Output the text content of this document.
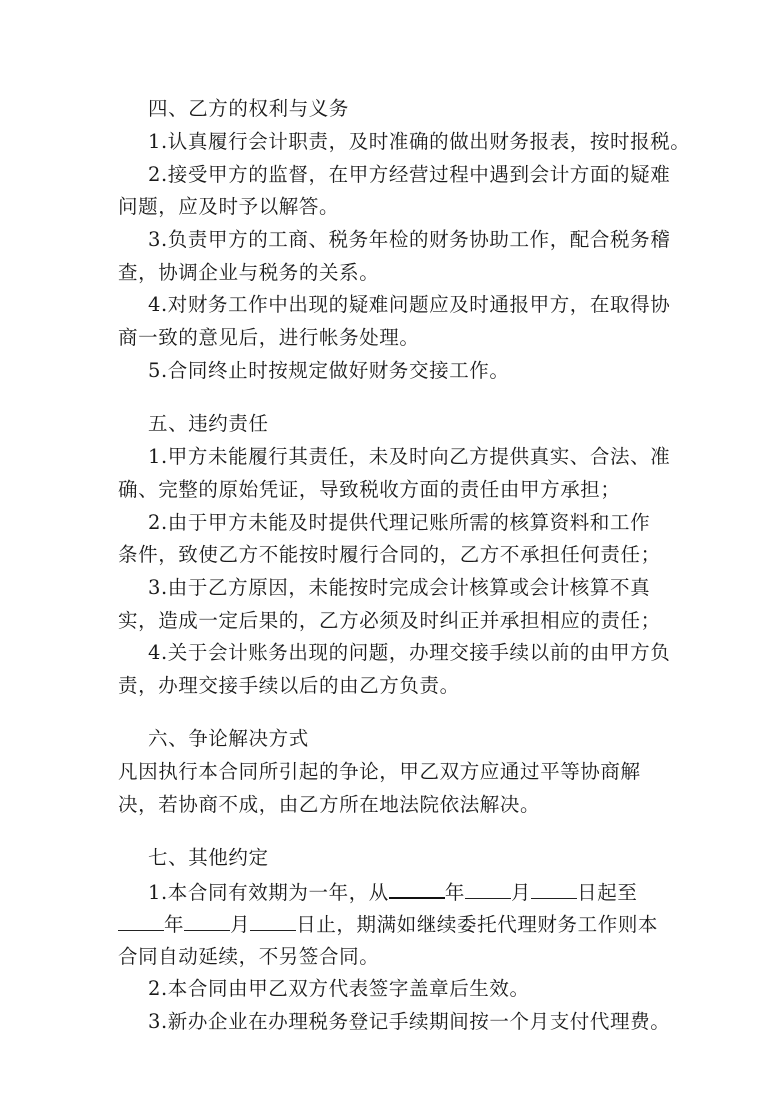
四、乙方的权利与义务
1.认真履行会计职责，及时准确的做出财务报表，按时报税。
2.接受甲方的监督，在甲方经营过程中遇到会计方面的疑难
问题，应及时予以解答。
3.负责甲方的工商、税务年检的财务协助工作，配合税务稽
查，协调企业与税务的关系。
4.对财务工作中出现的疑难问题应及时通报甲方，在取得协
商一致的意见后，进行帐务处理。
5.合同终止时按规定做好财务交接工作。
五、违约责任
1.甲方未能履行其责任，未及时向乙方提供真实、合法、准
确、完整的原始凭证，导致税收方面的责任由甲方承担；
2.由于甲方未能及时提供代理记账所需的核算资料和工作
条件，致使乙方不能按时履行合同的，乙方不承担任何责任；
3.由于乙方原因，未能按时完成会计核算或会计核算不真
实，造成一定后果的，乙方必须及时纠正并承担相应的责任；
4.关于会计账务出现的问题，办理交接手续以前的由甲方负
责，办理交接手续以后的由乙方负责。
六、争论解决方式
凡因执行本合同所引起的争论，甲乙双方应通过平等协商解
决，若协商不成，由乙方所在地法院依法解决。
七、其他约定
1.本合同有效期为一年，从	年 月 日起至
年 月 日止，期满如继续委托代理财务工作则本
合同自动延续，不另签合同。
2.本合同由甲乙双方代表签字盖章后生效。
3.新办企业在办理税务登记手续期间按一个月支付代理费。
